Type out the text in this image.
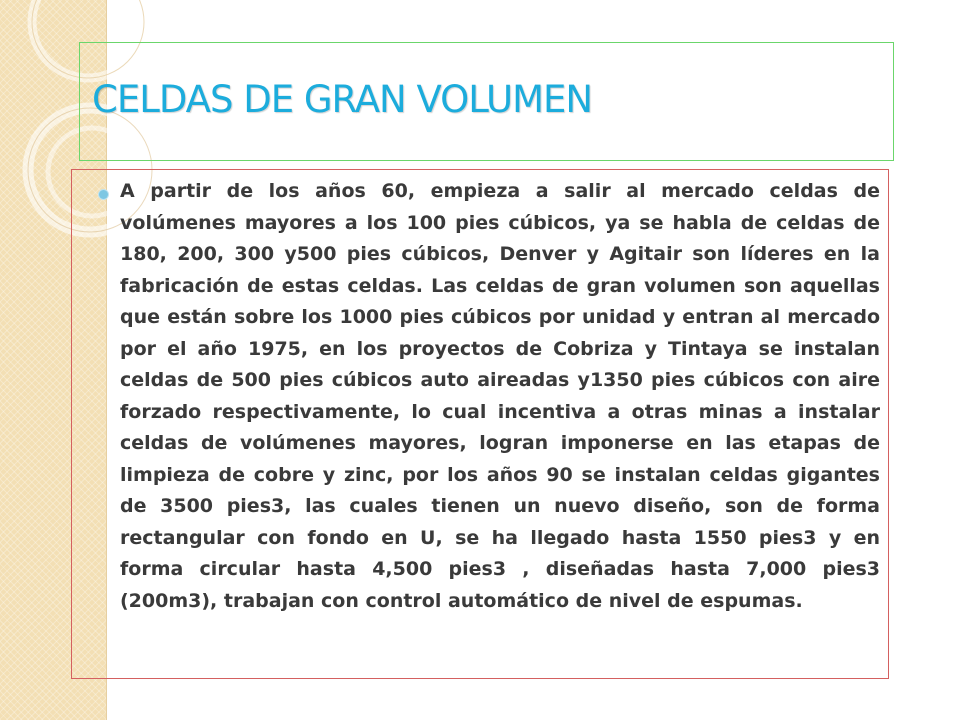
CELDAS DE GRAN VOLUMEN

A partir de los años 60, empieza a salir al mercado celdas de volúmenes mayores a los 100 pies cúbicos, ya se habla de celdas de 180, 200, 300 y500 pies cúbicos, Denver y Agitair son líderes en la fabricación de estas celdas. Las celdas de gran volumen son aquellas que están sobre los 1000 pies cúbicos por unidad y entran al mercado por el año 1975, en los proyectos de Cobriza y Tintaya se instalan celdas de 500 pies cúbicos auto aireadas y1350 pies cúbicos con aire forzado respectivamente, lo cual incentiva a otras minas a instalar celdas de volúmenes mayores, logran imponerse en las etapas de limpieza de cobre y zinc, por los años 90 se instalan celdas gigantes de 3500 pies3, las cuales tienen un nuevo diseño, son de forma rectangular con fondo en U, se ha llegado hasta 1550 pies3 y en forma circular hasta 4,500 pies3 , diseñadas hasta 7,000 pies3 (200m3), trabajan con control automático de nivel de espumas.
